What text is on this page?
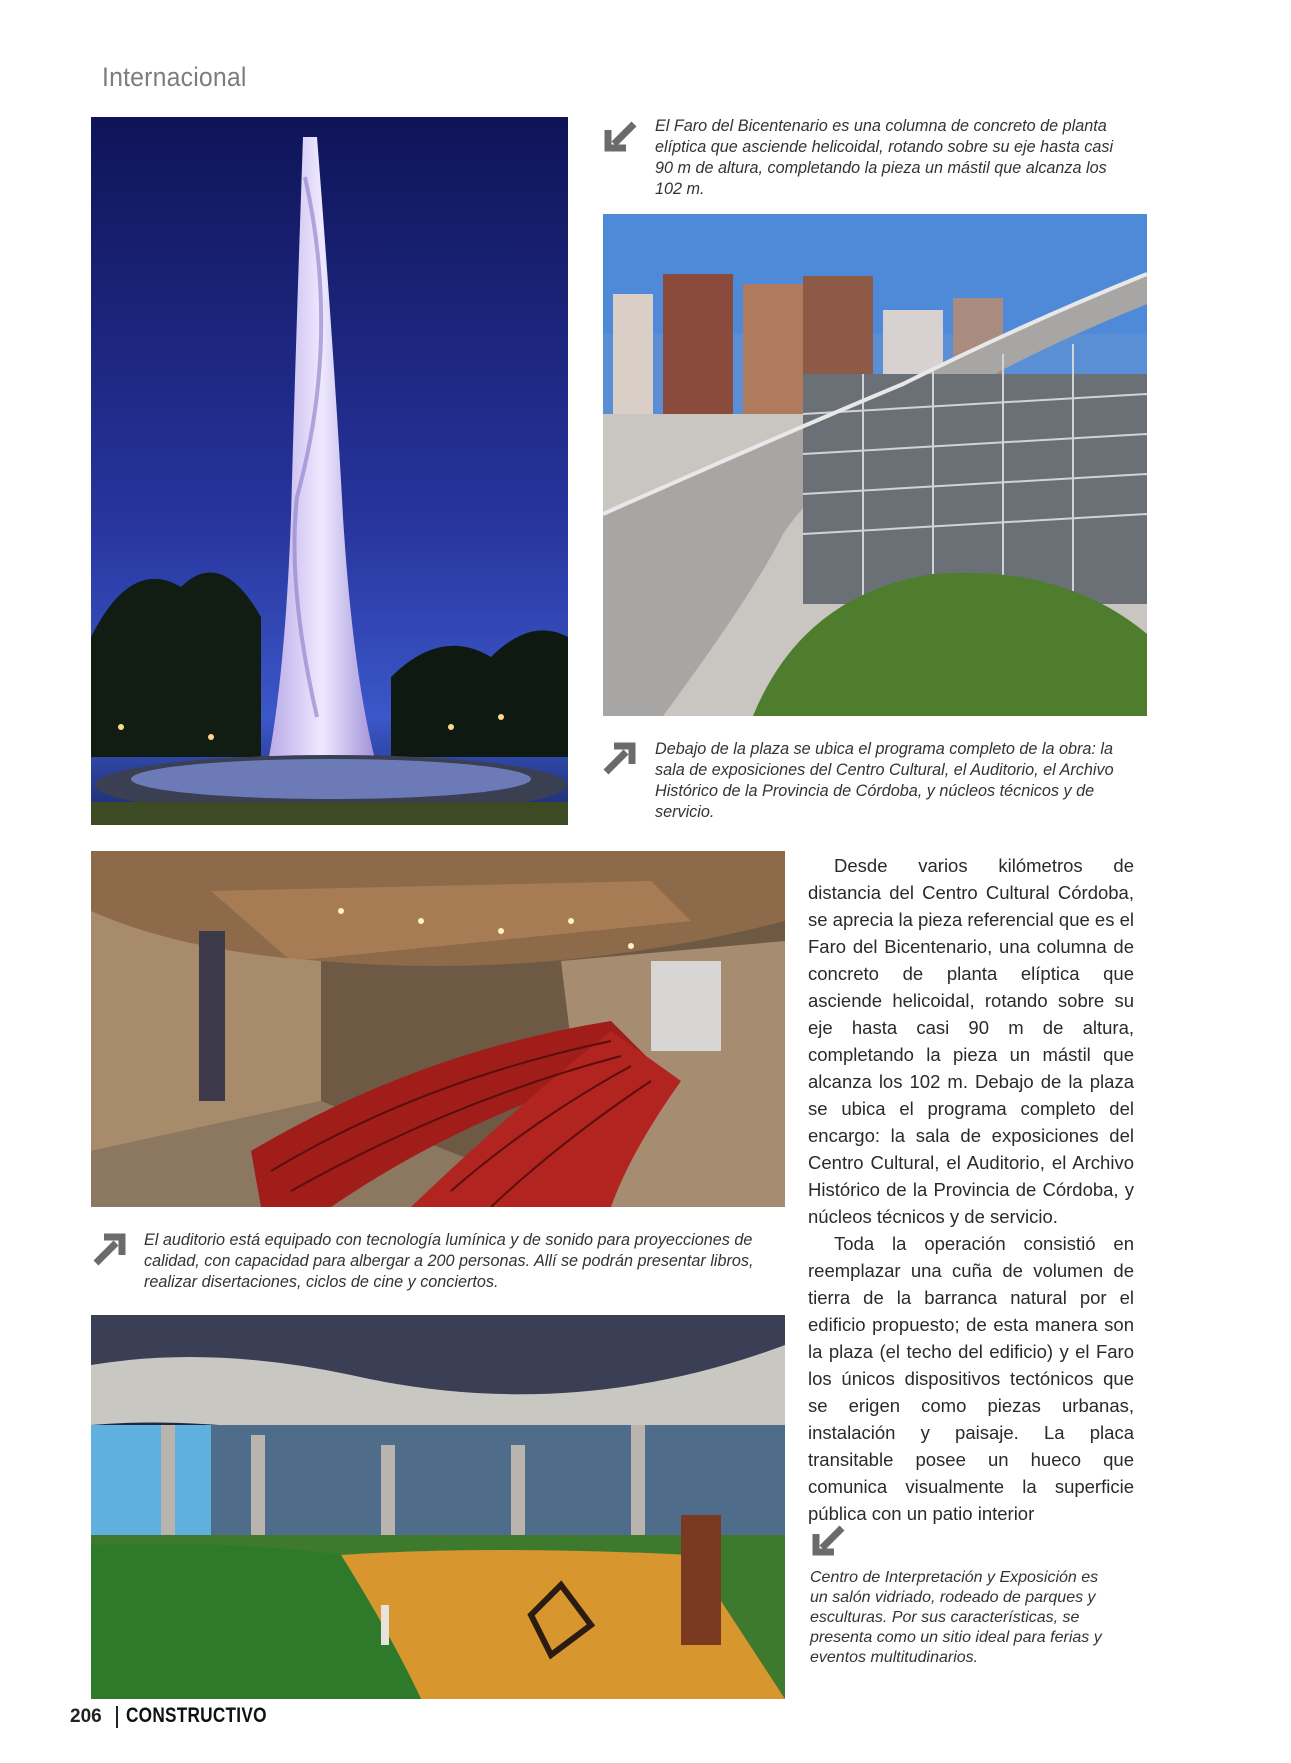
Internacional
El Faro del Bicentenario es una columna de concreto de planta elíptica que asciende helicoidal, rotando sobre su eje hasta casi 90 m de altura, completando la pieza un mástil que alcanza los 102 m.
Debajo de la plaza se ubica el programa completo de la obra: la sala de exposiciones del Centro Cultural, el Auditorio, el Archivo Histórico de la Provincia de Córdoba, y núcleos técnicos y de servicio.
El auditorio está equipado con tecnología lumínica y de sonido para proyecciones de calidad, con capacidad para albergar a 200 personas. Allí se podrán presentar libros, realizar disertaciones, ciclos de cine y conciertos.

Desde varios kilómetros de distancia del Centro Cultural Córdoba, se aprecia la pieza referencial que es el Faro del Bicentenario, una columna de concreto de planta elíptica que asciende helicoidal, rotando sobre su eje hasta casi 90 m de altura, completando la pieza un mástil que alcanza los 102 m. Debajo de la plaza se ubica el programa completo del encargo: la sala de exposiciones del Centro Cultural, el Auditorio, el Archivo Histórico de la Provincia de Córdoba, y núcleos técnicos y de servicio.

Toda la operación consistió en reemplazar una cuña de volumen de tierra de la barranca natural por el edificio propuesto; de esta manera son la plaza (el techo del edificio) y el Faro los únicos dispositivos tectónicos que se erigen como piezas urbanas, instalación y paisaje. La placa transitable posee un hueco que comunica visualmente la superficie pública con un patio interior

Centro de Interpretación y Exposición es un salón vidriado, rodeado de parques y esculturas. Por sus características, se presenta como un sitio ideal para ferias y eventos multitudinarios.
206 CONSTRUCTIVO
